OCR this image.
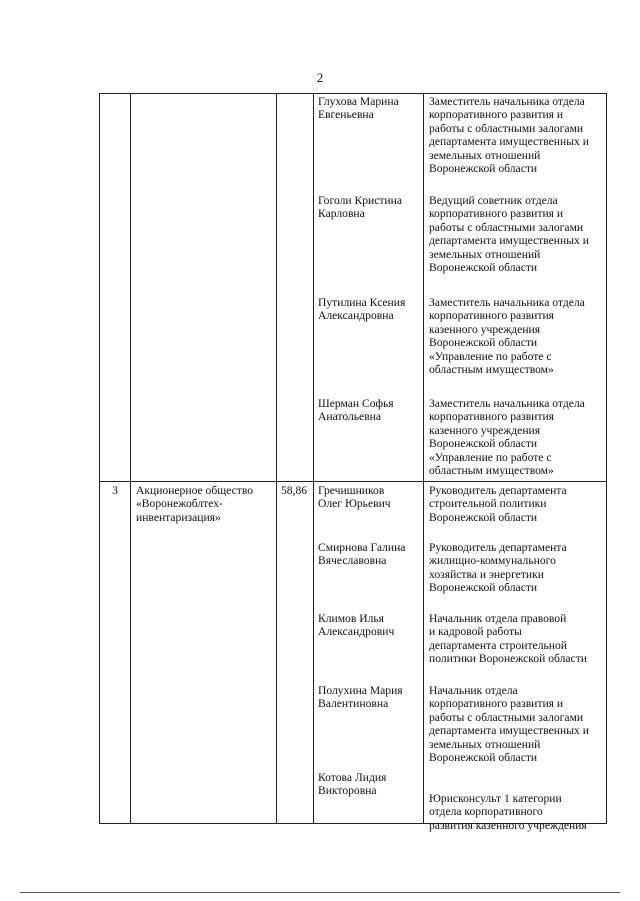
2
Глухова Марина
Евгеньевна
Заместитель начальника отдела
корпоративного развития и
работы с областными залогами
департамента имущественных и
земельных отношений
Воронежской области
Гоголи Кристина
Карловна
Ведущий советник отдела
корпоративного развития и
работы с областными залогами
департамента имущественных и
земельных отношений
Воронежской области
Путилина Ксения
Александровна
Заместитель начальника отдела
корпоративного развития
казенного учреждения
Воронежской области
«Управление по работе с
областным имуществом»
Шерман Софья
Анатольевна
Заместитель начальника отдела
корпоративного развития
казенного учреждения
Воронежской области
«Управление по работе с
областным имуществом»
3	Акционерное общество
«Воронежоблтех-
инвентаризация»
58,86 Гречишников
Олег Юрьевич
Руководитель департамента
строительной политики
Воронежской области
Смирнова Галина
Вячеславовна
Руководитель департамента
жилищно-коммунального
хозяйства и энергетики
Воронежской области
Климов Илья
Александрович
Начальник отдела правовой
и кадровой работы
департамента строительной
политики Воронежской области
Полухина Мария
Валентиновна
Начальник отдела
корпоративного развития и
работы с областными залогами
департамента имущественных и
земельных отношений
Воронежской области
Котова Лидия
Викторовна
Юрисконсульт 1 категории
отдела корпоративного
развития казенного учреждения
